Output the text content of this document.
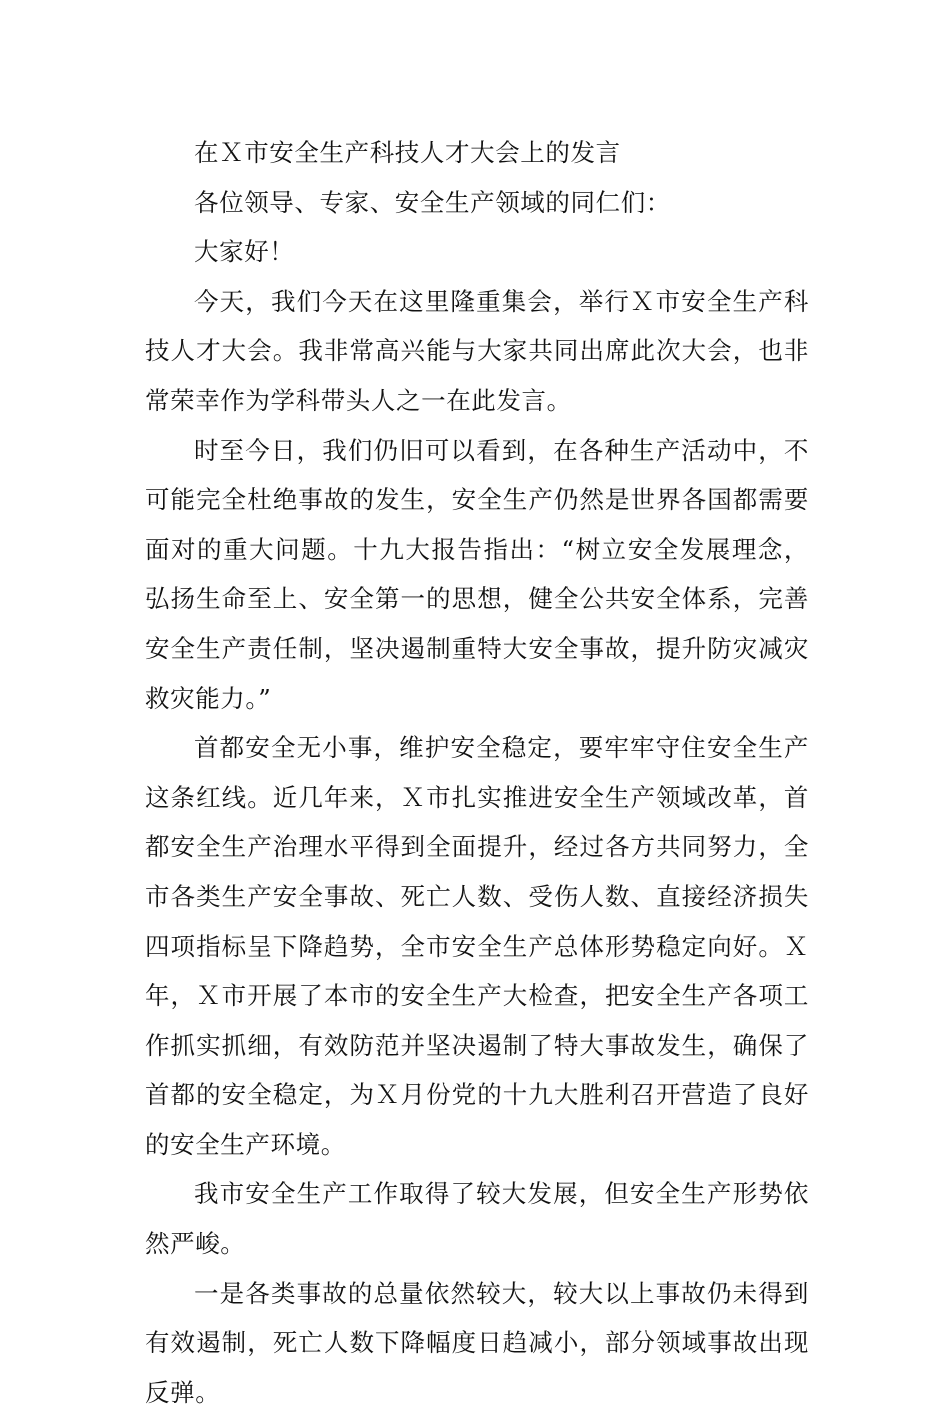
在Ｘ市安全生产科技人才大会上的发言

各位领导、专家、安全生产领域的同仁们：

大家好！

今天，我们今天在这里隆重集会，举行Ｘ市安全生产科技人才大会。我非常高兴能与大家共同出席此次大会，也非常荣幸作为学科带头人之一在此发言。

时至今日，我们仍旧可以看到，在各种生产活动中，不可能完全杜绝事故的发生，安全生产仍然是世界各国都需要面对的重大问题。十九大报告指出：“树立安全发展理念，弘扬生命至上、安全第一的思想，健全公共安全体系，完善安全生产责任制，坚决遏制重特大安全事故，提升防灾减灾救灾能力。”

首都安全无小事，维护安全稳定，要牢牢守住安全生产这条红线。近几年来，Ｘ市扎实推进安全生产领域改革，首都安全生产治理水平得到全面提升，经过各方共同努力，全市各类生产安全事故、死亡人数、受伤人数、直接经济损失四项指标呈下降趋势，全市安全生产总体形势稳定向好。Ｘ年，Ｘ市开展了本市的安全生产大检查，把安全生产各项工作抓实抓细，有效防范并坚决遏制了特大事故发生，确保了首都的安全稳定，为Ｘ月份党的十九大胜利召开营造了良好的安全生产环境。

我市安全生产工作取得了较大发展，但安全生产形势依然严峻。

一是各类事故的总量依然较大，较大以上事故仍未得到有效遏制，死亡人数下降幅度日趋减小，部分领域事故出现反弹。
